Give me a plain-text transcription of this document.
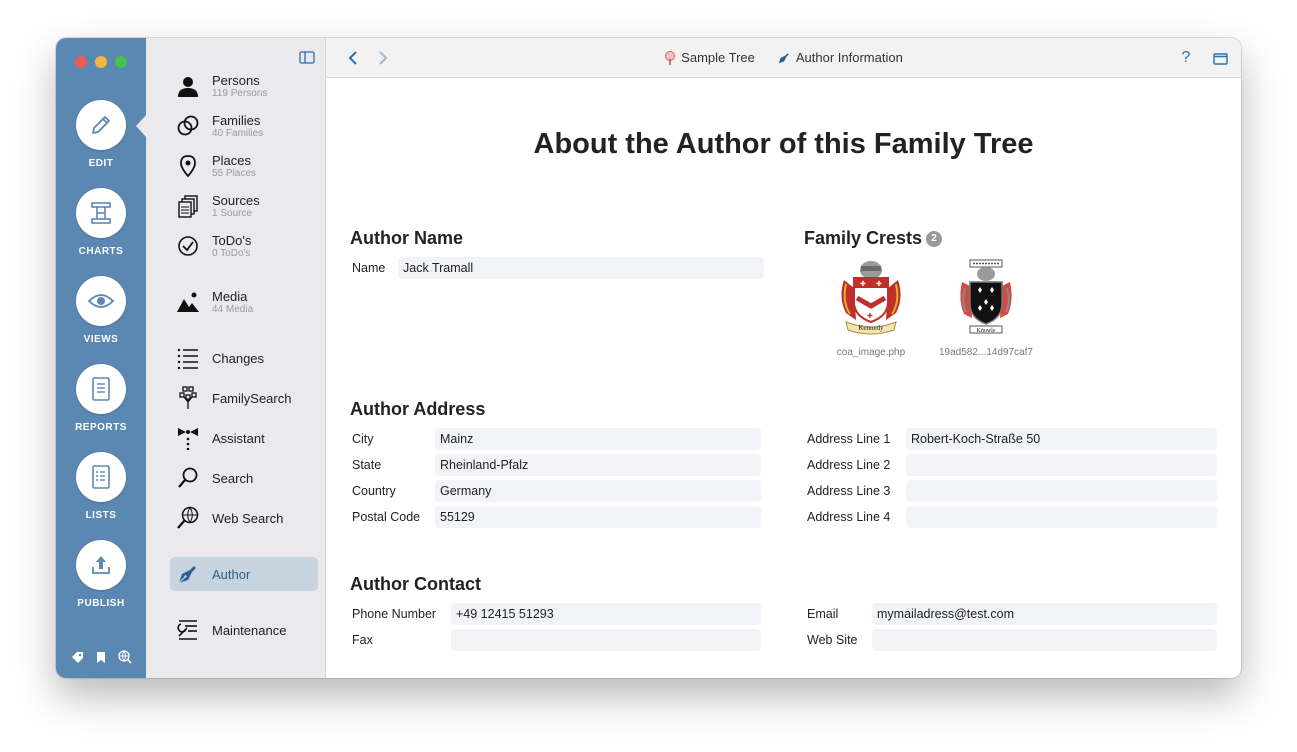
EDIT
CHARTS
VIEWS
REPORTS
LISTS
PUBLISH
Persons
119 Persons
Families
40 Families
Places
55 Places
Sources
1 Source
ToDo's
0 ToDo's
Media
44 Media
Changes
FamilySearch
Assistant
Search
Web Search
Author
Maintenance
Sample Tree	Author Information	?
About the Author of this Family Tree
Author Name
Name	Jack Tramall
Family Crests 2
✚ ✚
✚
Kennedy
coa_image.php
Knowle
19ad582...14d97caf7
Author Address
City	Mainz
State	Rheinland-Pfalz
Country	Germany
Postal Code	55129
Address Line 1	Robert-Koch-Straße 50
Address Line 2
Address Line 3
Address Line 4
Author Contact
Phone Number	+49 12415 51293
Fax
Email	mymailadress@test.com
Web Site
